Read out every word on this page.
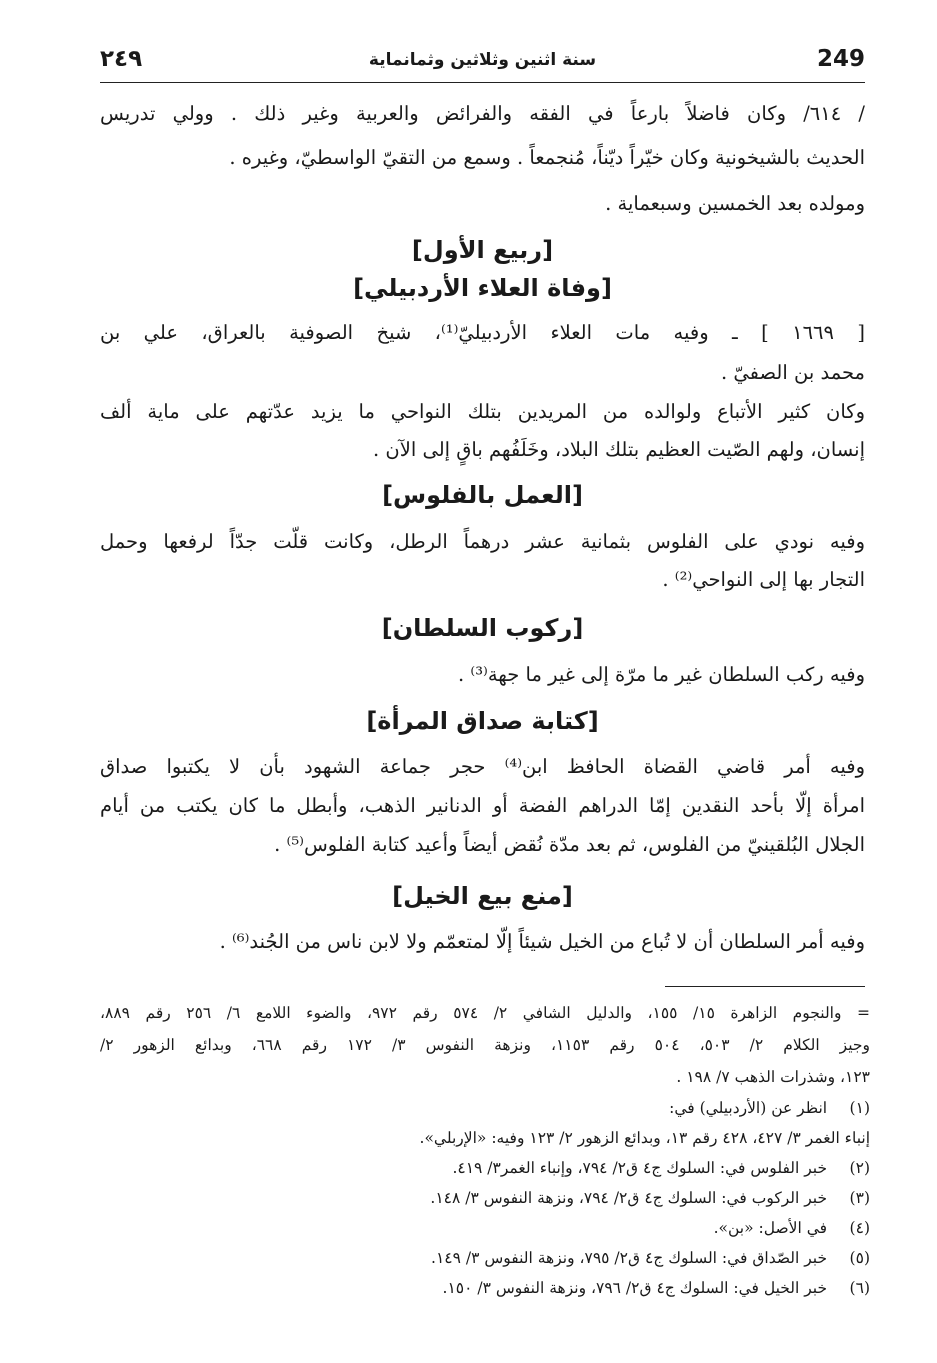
249
سنة اثنين وثلاثين وثمانماية
٢٤٩
/ ٦١٤/ وكان فاضلاً بارعاً في الفقه والفرائض والعربية وغير ذلك . وولي تدريس
الحديث بالشيخونية وكان خيّراً ديّناً، مُنجمعاً . وسمع من التقيّ الواسطيّ، وغيره .
ومولده بعد الخمسين وسبعماية .
[ربيع الأول]
[وفاة العلاء الأردبيلي]
[ ١٦٦٩ ] ـ وفيه مات العلاء الأردبيليّ⁽¹⁾، شيخ الصوفية بالعراق، علي بن
محمد بن الصفيّ .
وكان كثير الأتباع ولوالده من المريدين بتلك النواحي ما يزيد عدّتهم على ماية ألف
إنسان، ولهم الصّيت العظيم بتلك البلاد، وخَلَفُهم باقٍ إلى الآن .
[العمل بالفلوس]
وفيه نودي على الفلوس بثمانية عشر درهماً الرطل، وكانت قلّت جدّاً لرفعها وحمل
التجار بها إلى النواحي⁽²⁾ .
[ركوب السلطان]
وفيه ركب السلطان غير ما مرّة إلى غير ما جهة⁽³⁾ .
[كتابة صداق المرأة]
وفيه أمر قاضي القضاة الحافظ ابن⁽⁴⁾ حجر جماعة الشهود بأن لا يكتبوا صداق
امرأة إلّا بأحد النقدين إمّا الدراهم الفضة أو الدنانير الذهب، وأبطل ما كان يكتب من أيام
الجلال البُلقينيّ من الفلوس، ثم بعد مدّة نُقض أيضاً وأعيد كتابة الفلوس⁽⁵⁾ .
[منع بيع الخيل]
وفيه أمر السلطان أن لا تُباع من الخيل شيئاً إلّا لمتعمّم ولا لابن ناس من الجُند⁽⁶⁾ .
= والنجوم الزاهرة ١٥/ ١٥٥، والدليل الشافي ٢/ ٥٧٤ رقم ٩٧٢، والضوء اللامع ٦/ ٢٥٦ رقم ٨٨٩،
وجيز الكلام ٢/ ٥٠٣، ٥٠٤ رقم ١١٥٣، ونزهة النفوس ٣/ ١٧٢ رقم ٦٦٨، وبدائع الزهور ٢/
١٢٣، وشذرات الذهب ٧/ ١٩٨ .
(١) انظر عن (الأردبيلي) في:
إنباء الغمر ٣/ ٤٢٧، ٤٢٨ رقم ١٣، وبدائع الزهور ٢/ ١٢٣ وفيه: «الإربلي».
(٢) خبر الفلوس في: السلوك ج٤ ق٢/ ٧٩٤، وإنباء الغمر٣/ ٤١٩.
(٣) خبر الركوب في: السلوك ج٤ ق٢/ ٧٩٤، ونزهة النفوس ٣/ ١٤٨.
(٤) في الأصل: «بن».
(٥) خبر الصّداق في: السلوك ج٤ ق٢/ ٧٩٥، ونزهة النفوس ٣/ ١٤٩.
(٦) خبر الخيل في: السلوك ج٤ ق٢/ ٧٩٦، ونزهة النفوس ٣/ ١٥٠.
